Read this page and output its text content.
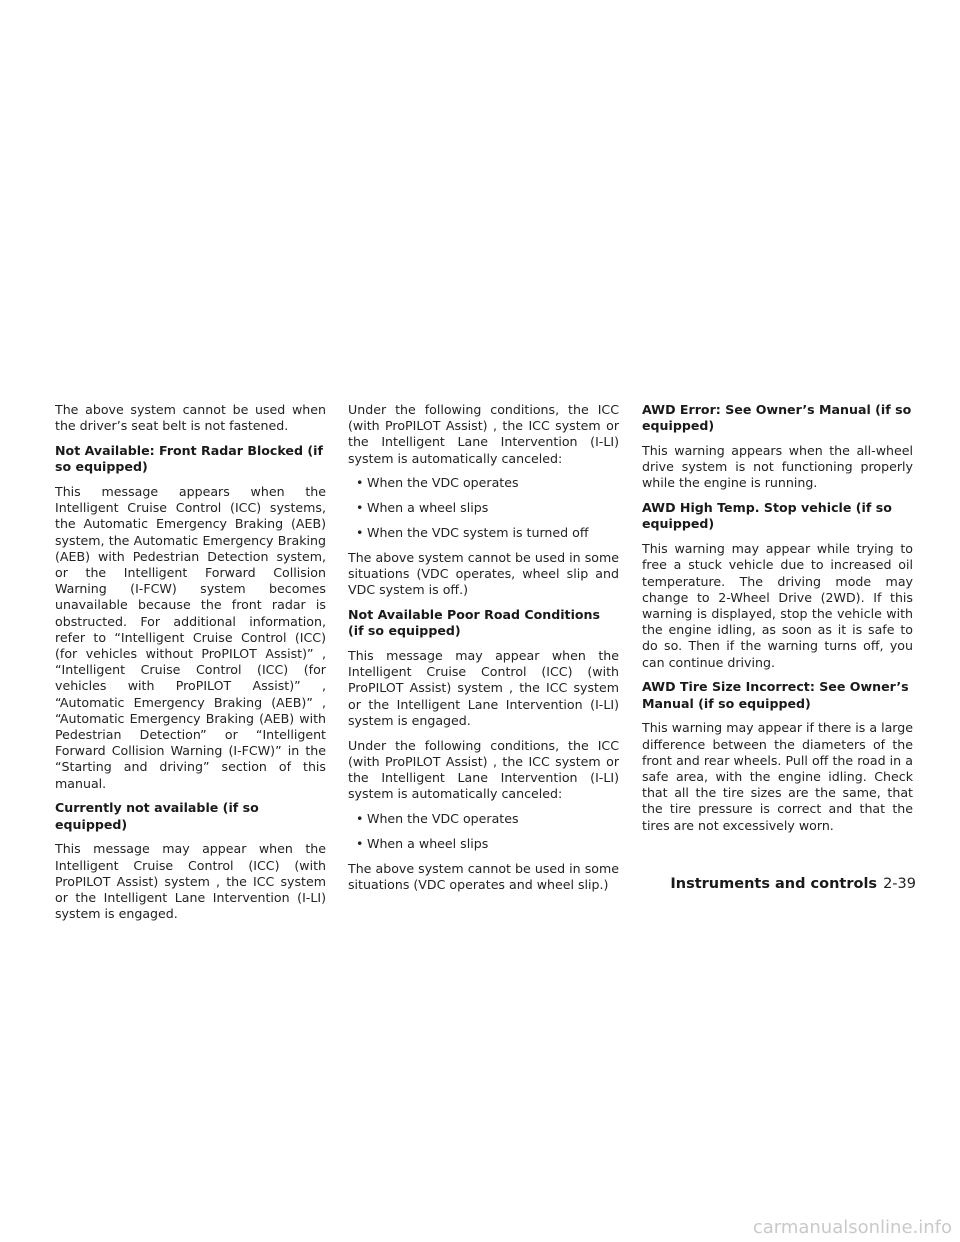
The above system cannot be used when the driver’s seat belt is not fastened.

Not Available: Front Radar Blocked (if so equipped)

This message appears when the Intelligent Cruise Control (ICC) systems, the Automatic Emergency Braking (AEB) system, the Automatic Emergency Braking (AEB) with Pedestrian Detection system, or the Intelligent Forward Collision Warning (I-FCW) system becomes unavailable because the front radar is obstructed. For additional information, refer to “Intelligent Cruise Control (ICC) (for vehicles without ProPILOT Assist)” , “Intelligent Cruise Control (ICC) (for vehicles with ProPILOT Assist)” , “Automatic Emergency Braking (AEB)” , “Automatic Emergency Braking (AEB) with Pedestrian Detection” or “Intelligent Forward Collision Warning (I-FCW)” in the “Starting and driving” section of this manual.

Currently not available (if so equipped)

This message may appear when the Intelligent Cruise Control (ICC) (with ProPILOT Assist) system , the ICC system or the Intelligent Lane Intervention (I-LI) system is engaged.

Under the following conditions, the ICC (with ProPILOT Assist) , the ICC system or the Intelligent Lane Intervention (I-LI) system is automatically canceled:

• When the VDC operates

• When a wheel slips

• When the VDC system is turned off

The above system cannot be used in some situations (VDC operates, wheel slip and VDC system is off.)

Not Available Poor Road Conditions (if so equipped)

This message may appear when the Intelligent Cruise Control (ICC) (with ProPILOT Assist) system , the ICC system or the Intelligent Lane Intervention (I-LI) system is engaged.

Under the following conditions, the ICC (with ProPILOT Assist) , the ICC system or the Intelligent Lane Intervention (I-LI) system is automatically canceled:

• When the VDC operates

• When a wheel slips

The above system cannot be used in some situations (VDC operates and wheel slip.)

AWD Error: See Owner’s Manual (if so equipped)

This warning appears when the all-wheel drive system is not functioning properly while the engine is running.

AWD High Temp. Stop vehicle (if so equipped)

This warning may appear while trying to free a stuck vehicle due to increased oil temperature. The driving mode may change to 2-Wheel Drive (2WD). If this warning is displayed, stop the vehicle with the engine idling, as soon as it is safe to do so. Then if the warning turns off, you can continue driving.

AWD Tire Size Incorrect: See Owner’s Manual (if so equipped)

This warning may appear if there is a large difference between the diameters of the front and rear wheels. Pull off the road in a safe area, with the engine idling. Check that all the tire sizes are the same, that the tire pressure is correct and that the tires are not excessively worn.

Instruments and controls 2-39
carmanualsonline.info
